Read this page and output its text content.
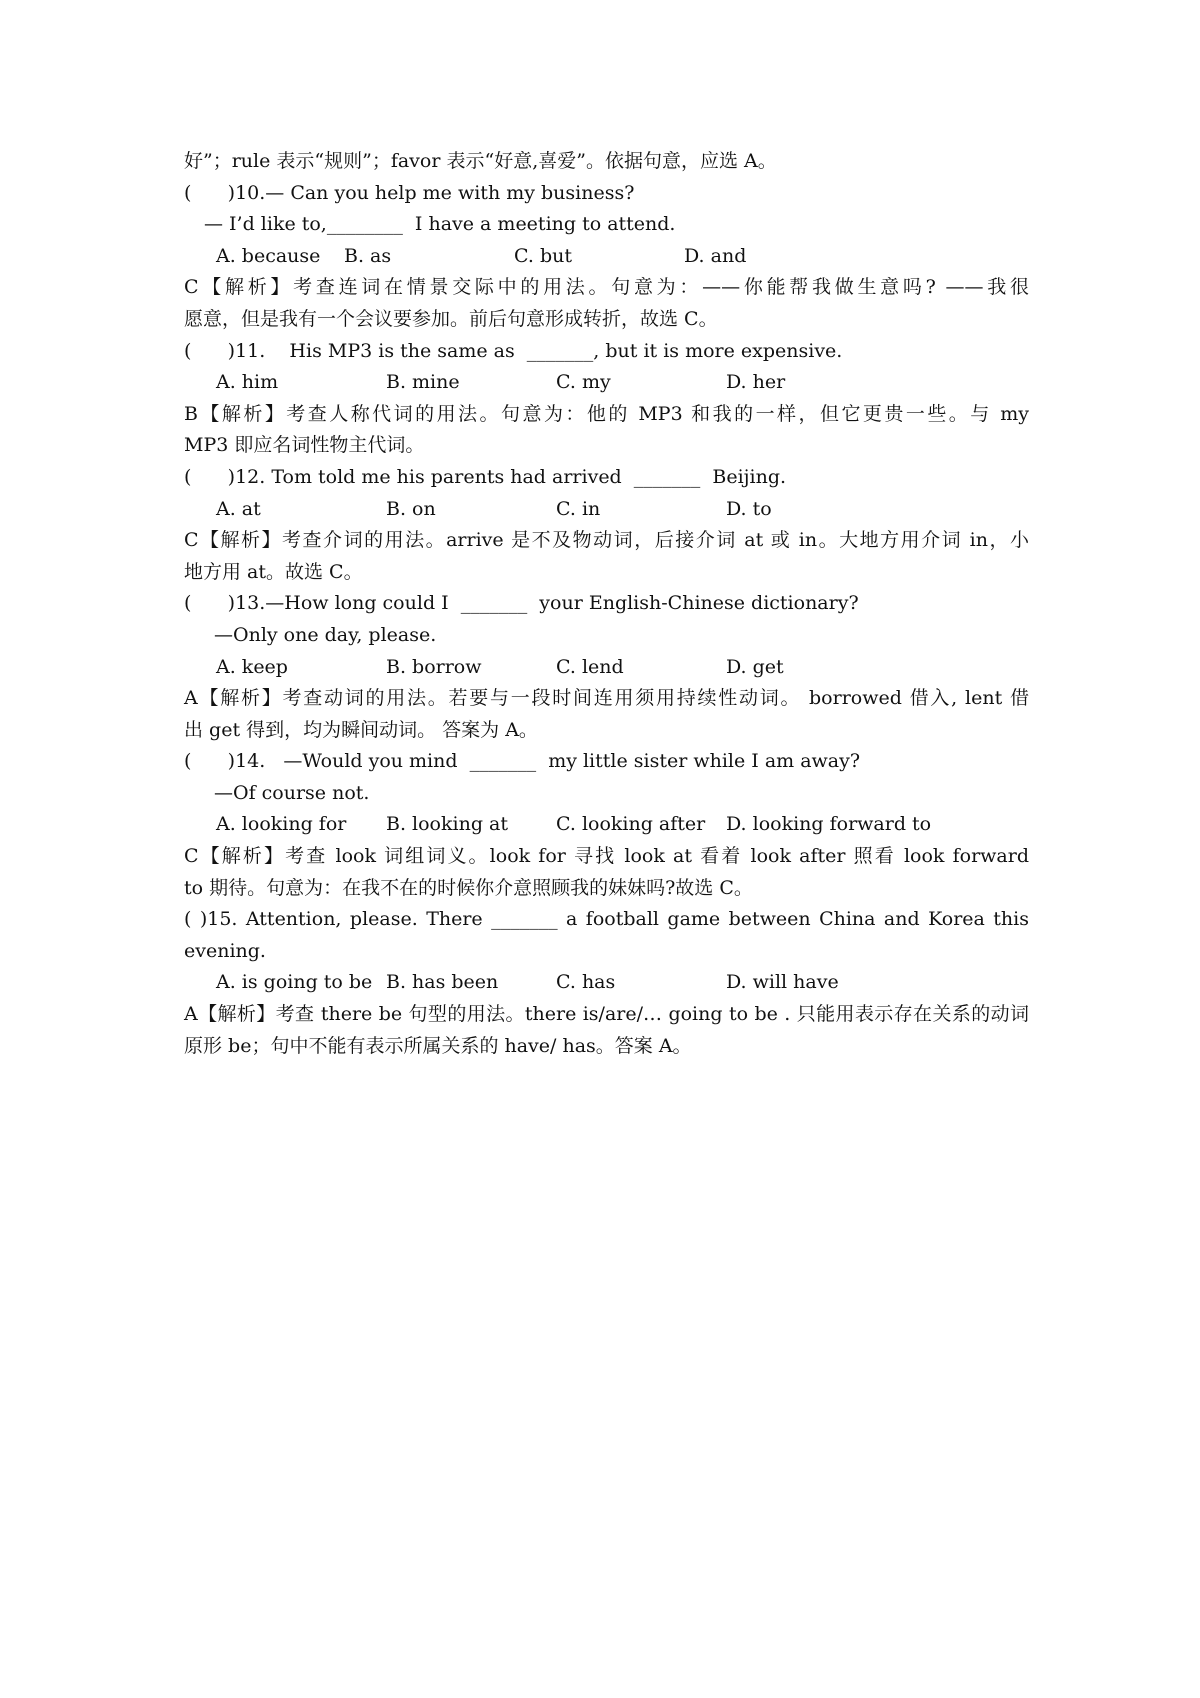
好”；rule 表示“规则”；favor 表示“好意,喜爱”。依据句意，应选 A。
(      )10.— Can you help me with my business?
— I’d like to,________  I have a meeting to attend.
A. because	B. as	C. but	D. and
C【解析】考查连词在情景交际中的用法。句意为：——你能帮我做生意吗? ——我很
愿意，但是我有一个会议要参加。前后句意形成转折，故选 C。
(      )11.    His MP3 is the same as  _______, but it is more expensive.
A. him	B. mine	C. my	D. her
B【解析】考查人称代词的用法。句意为：他的 MP3 和我的一样，但它更贵一些。与 my
MP3 即应名词性物主代词。
(      )12. Tom told me his parents had arrived  _______  Beijing.
A. at	B. on	C. in	D. to
C【解析】考查介词的用法。arrive 是不及物动词，后接介词 at 或 in。大地方用介词 in，小
地方用 at。故选 C。
(      )13.—How long could I  _______  your English-Chinese dictionary?
—Only one day, please.
A. keep	B. borrow	C. lend	D. get
A【解析】考查动词的用法。若要与一段时间连用须用持续性动词。 borrowed 借入, lent 借
出 get 得到，均为瞬间动词。 答案为 A。
(      )14.   —Would you mind  _______  my little sister while I am away?
—Of course not.
A. looking for	B. looking at	C. looking after	D. looking forward to
C【解析】考查 look 词组词义。look for 寻找 look at 看着 look after 照看 look forward
to 期待。句意为：在我不在的时候你介意照顾我的妹妹吗?故选 C。
( )15. Attention, please. There _______ a football game between China and Korea this
evening.
A. is going to be B. has been	C. has	D. will have
A【解析】考查 there be 句型的用法。there is/are/… going to be . 只能用表示存在关系的动词
原形 be；句中不能有表示所属关系的 have/ has。答案 A。
